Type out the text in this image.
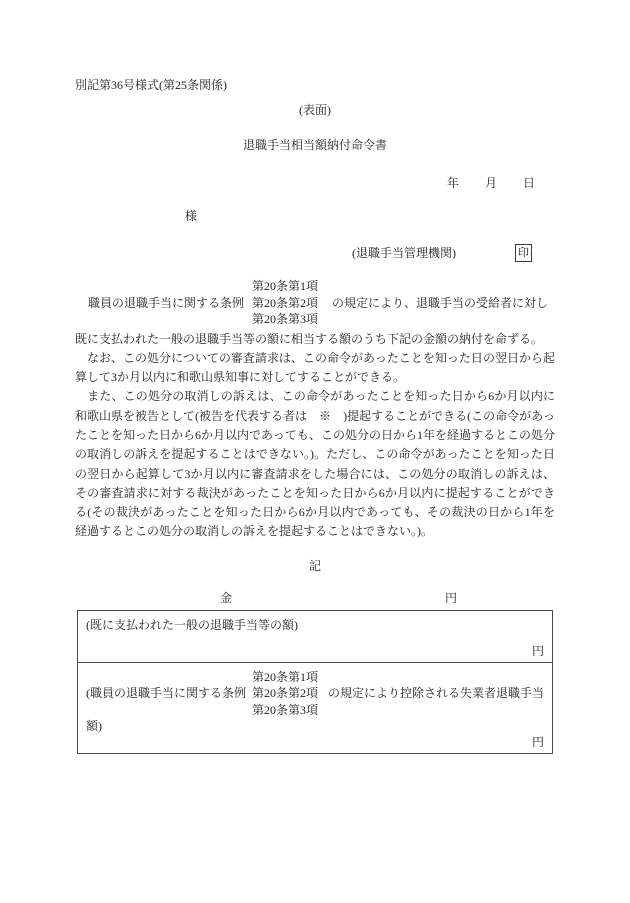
別記第36号様式(第25条関係)
(表面)
退職手当相当額納付命令書
年 月 日
様
(退職手当管理機関)	印
職員の退職手当に関する条例
第20条第1項
第20条第2項
第20条第3項
の規定により、退職手当の受給者に対し

既に支払われた一般の退職手当等の額に相当する額のうち下記の金額の納付を命ずる。

　なお、この処分についての審査請求は、この命令があったことを知った日の翌日から起算して3か月以内に和歌山県知事に対してすることができる。

　また、この処分の取消しの訴えは、この命令があったことを知った日から6か月以内に和歌山県を被告として(被告を代表する者は　※　)提起することができる(この命令があったことを知った日から6か月以内であっても、この処分の日から1年を経過するとこの処分の取消しの訴えを提起することはできない。)。ただし、この命令があったことを知った日の翌日から起算して3か月以内に審査請求をした場合には、この処分の取消しの訴えは、その審査請求に対する裁決があったことを知った日から6か月以内に提起することができる(その裁決があったことを知った日から6か月以内であっても、その裁決の日から1年を経過するとこの処分の取消しの訴えを提起することはできない。)。

記
金	円
(既に支払われた一般の退職手当等の額)
円

(職員の退職手当に関する条例
第20条第1項
第20条第2項
第20条第3項
の規定により控除される失業者退職手当
額)
円
